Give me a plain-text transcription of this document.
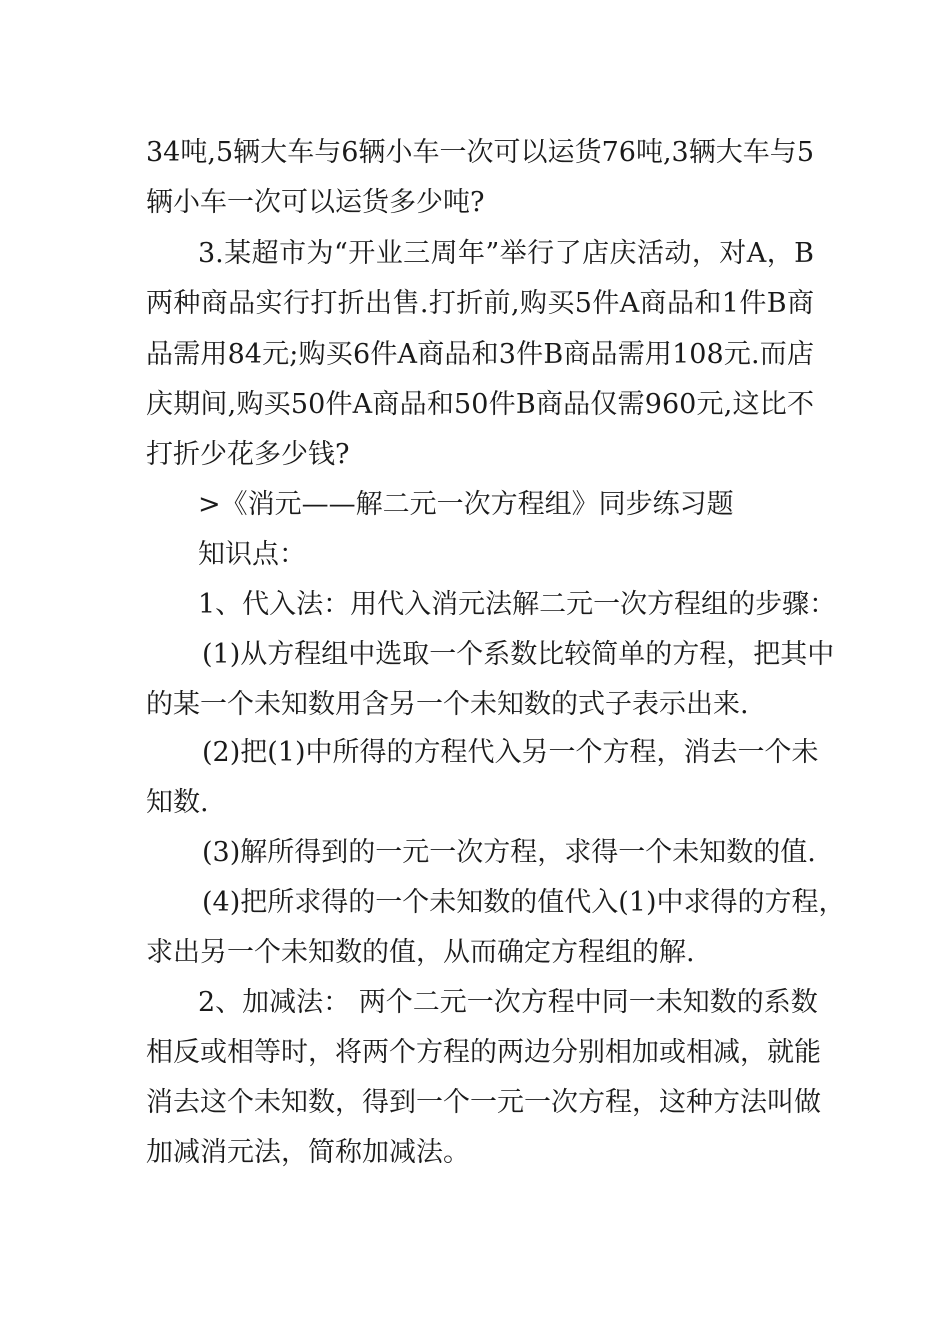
34吨,5辆大车与6辆小车一次可以运货76吨,3辆大车与5
辆小车一次可以运货多少吨?
3.某超市为“开业三周年”举行了店庆活动，对A，B
两种商品实行打折出售.打折前,购买5件A商品和1件B商
品需用84元;购买6件A商品和3件B商品需用108元.而店
庆期间,购买50件A商品和50件B商品仅需960元,这比不
打折少花多少钱?
>《消元——解二元一次方程组》同步练习题
知识点：
1、代入法：用代入消元法解二元一次方程组的步骤：
(1)从方程组中选取一个系数比较简单的方程，把其中
的某一个未知数用含另一个未知数的式子表示出来.
(2)把(1)中所得的方程代入另一个方程，消去一个未
知数.
(3)解所得到的一元一次方程，求得一个未知数的值.
(4)把所求得的一个未知数的值代入(1)中求得的方程，
求出另一个未知数的值，从而确定方程组的解.
2、加减法： 两个二元一次方程中同一未知数的系数
相反或相等时，将两个方程的两边分别相加或相减，就能
消去这个未知数，得到一个一元一次方程，这种方法叫做
加减消元法，简称加减法。
